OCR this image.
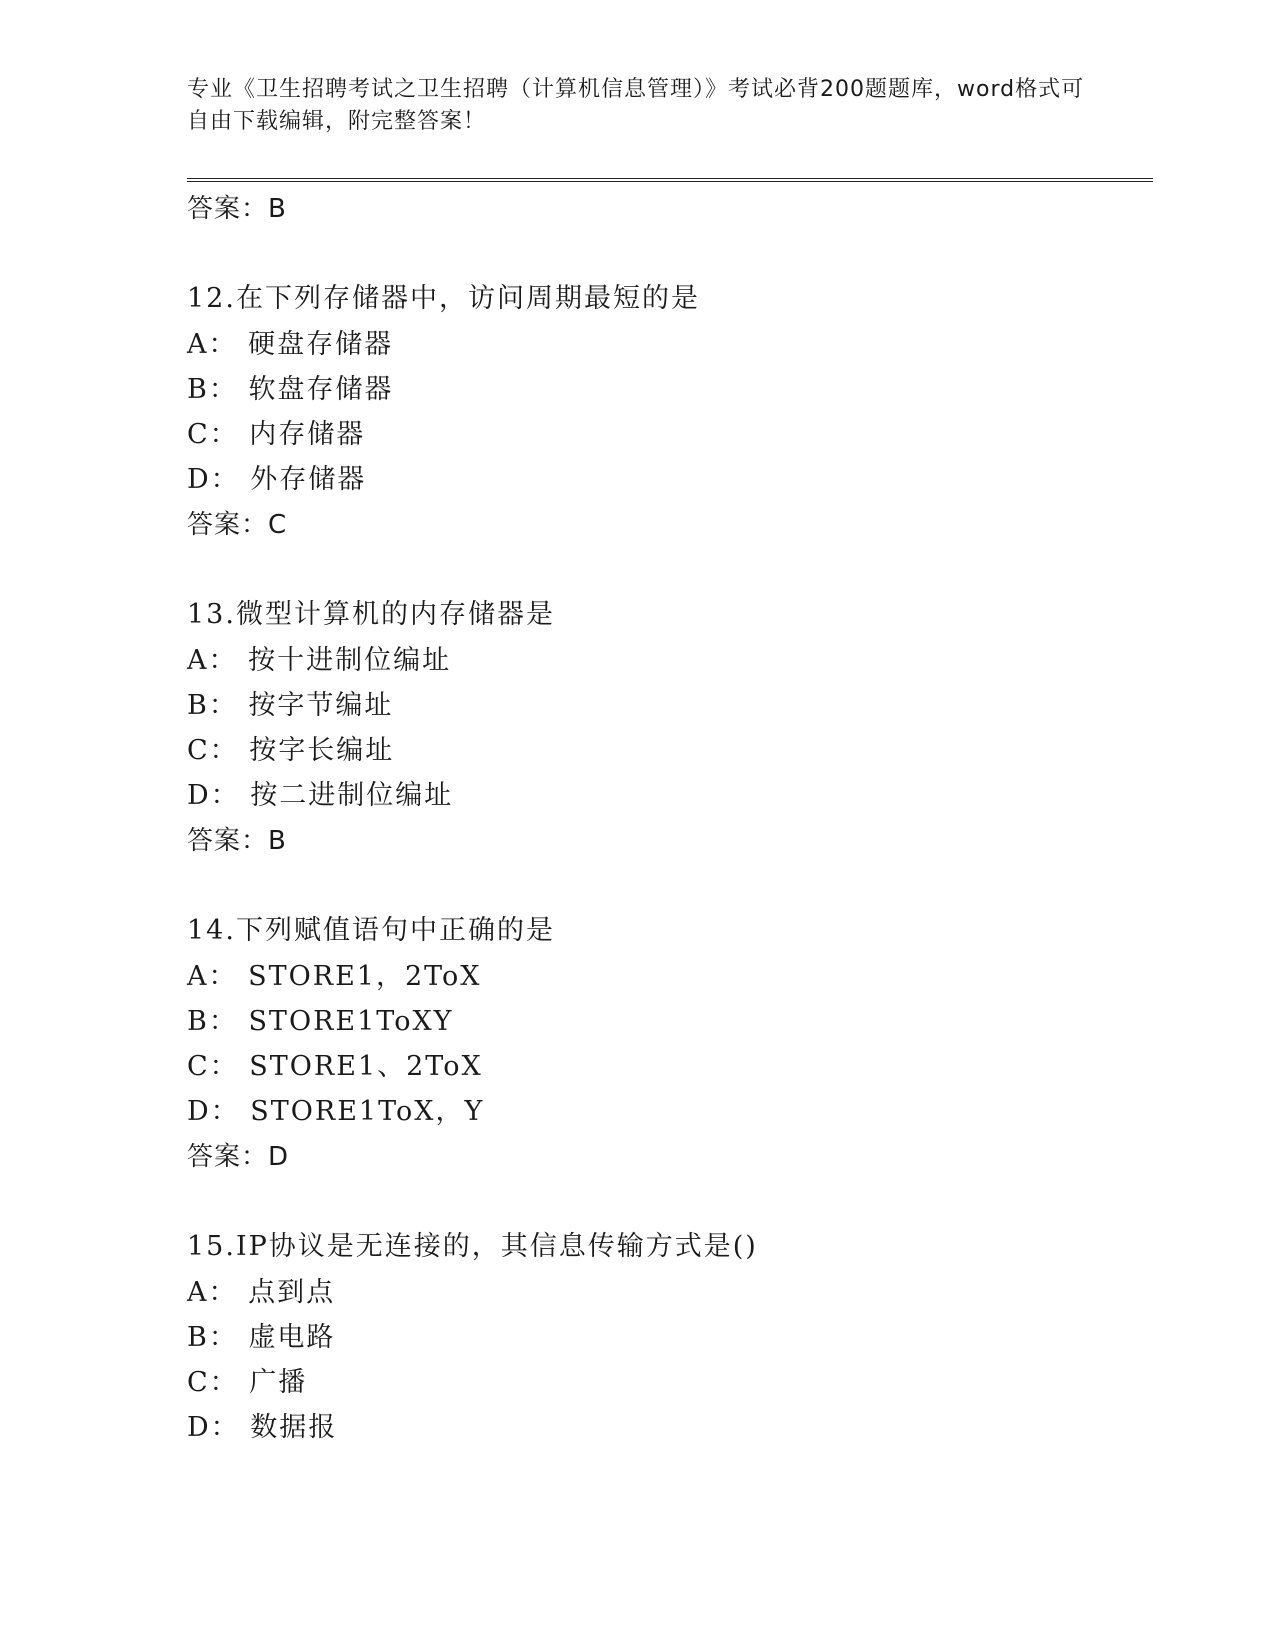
专业《卫生招聘考试之卫生招聘（计算机信息管理）》考试必背200题题库，word格式可自由下载编辑，附完整答案！

答案：B

12.在下列存储器中，访问周期最短的是

A： 硬盘存储器

B： 软盘存储器

C： 内存储器

D： 外存储器

答案：C

13.微型计算机的内存储器是

A： 按十进制位编址

B： 按字节编址

C： 按字长编址

D： 按二进制位编址

答案：B

14.下列赋值语句中正确的是

A： STORE1，2ToX

B： STORE1ToXY

C： STORE1、2ToX

D： STORE1ToX，Y

答案：D

15.IP协议是无连接的，其信息传输方式是()

A： 点到点

B： 虚电路

C： 广播

D： 数据报
